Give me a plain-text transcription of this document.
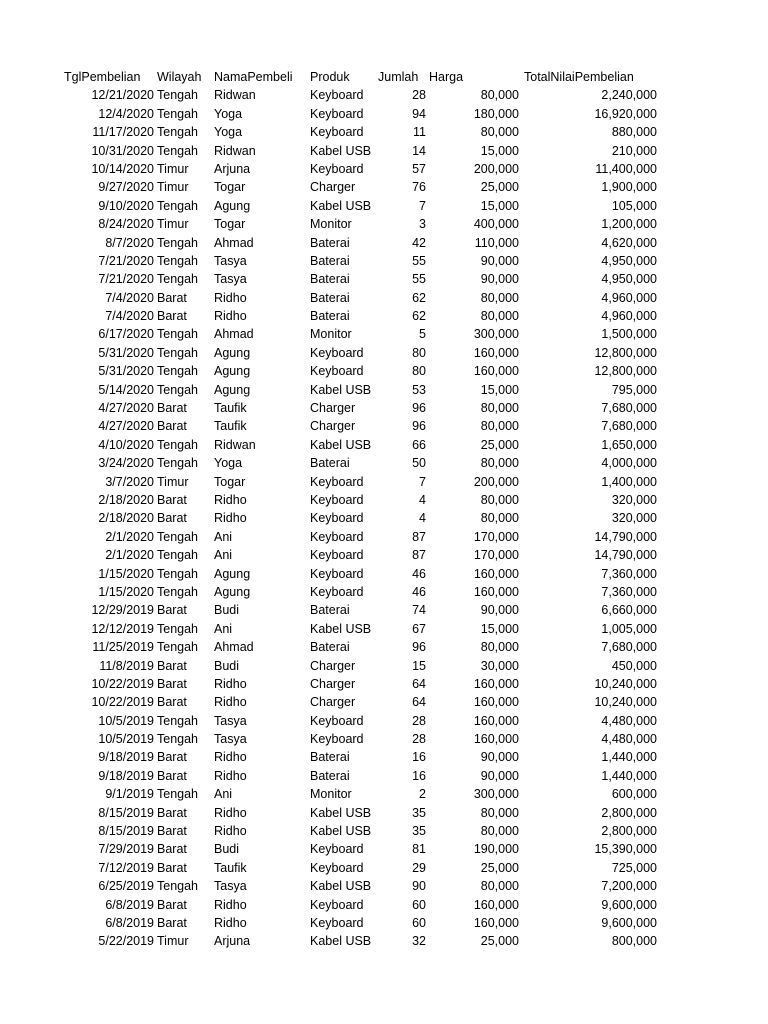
TglPembelian Wilayah NamaPembeli Produk Jumlah Harga	TotalNilaiPembelian
12/21/2020 Tengah Ridwan	Keyboard	28	80,000	2,240,000
12/4/2020 Tengah Yoga	Keyboard	94	180,000	16,920,000
11/17/2020 Tengah Yoga	Keyboard	11	80,000	880,000
10/31/2020 Tengah Ridwan	Kabel USB	14	15,000	210,000
10/14/2020 Timur Arjuna	Keyboard	57	200,000	11,400,000
9/27/2020 Timur Togar	Charger	76	25,000	1,900,000
9/10/2020 Tengah Agung	Kabel USB	7	15,000	105,000
8/24/2020 Timur Togar	Monitor	3	400,000	1,200,000
8/7/2020 Tengah Ahmad	Baterai	42	110,000	4,620,000
7/21/2020 Tengah Tasya	Baterai	55	90,000	4,950,000
7/21/2020 Tengah Tasya	Baterai	55	90,000	4,950,000
7/4/2020 Barat Ridho	Baterai	62	80,000	4,960,000
7/4/2020 Barat Ridho	Baterai	62	80,000	4,960,000
6/17/2020 Tengah Ahmad	Monitor	5	300,000	1,500,000
5/31/2020 Tengah Agung	Keyboard	80	160,000	12,800,000
5/31/2020 Tengah Agung	Keyboard	80	160,000	12,800,000
5/14/2020 Tengah Agung	Kabel USB	53	15,000	795,000
4/27/2020 Barat Taufik	Charger	96	80,000	7,680,000
4/27/2020 Barat Taufik	Charger	96	80,000	7,680,000
4/10/2020 Tengah Ridwan	Kabel USB	66	25,000	1,650,000
3/24/2020 Tengah Yoga	Baterai	50	80,000	4,000,000
3/7/2020 Timur Togar	Keyboard	7	200,000	1,400,000
2/18/2020 Barat Ridho	Keyboard	4	80,000	320,000
2/18/2020 Barat Ridho	Keyboard	4	80,000	320,000
2/1/2020 Tengah Ani	Keyboard	87	170,000	14,790,000
2/1/2020 Tengah Ani	Keyboard	87	170,000	14,790,000
1/15/2020 Tengah Agung	Keyboard	46	160,000	7,360,000
1/15/2020 Tengah Agung	Keyboard	46	160,000	7,360,000
12/29/2019 Barat Budi	Baterai	74	90,000	6,660,000
12/12/2019 Tengah Ani	Kabel USB	67	15,000	1,005,000
11/25/2019 Tengah Ahmad	Baterai	96	80,000	7,680,000
11/8/2019 Barat Budi	Charger	15	30,000	450,000
10/22/2019 Barat Ridho	Charger	64	160,000	10,240,000
10/22/2019 Barat Ridho	Charger	64	160,000	10,240,000
10/5/2019 Tengah Tasya	Keyboard	28	160,000	4,480,000
10/5/2019 Tengah Tasya	Keyboard	28	160,000	4,480,000
9/18/2019 Barat Ridho	Baterai	16	90,000	1,440,000
9/18/2019 Barat Ridho	Baterai	16	90,000	1,440,000
9/1/2019 Tengah Ani	Monitor	2	300,000	600,000
8/15/2019 Barat Ridho	Kabel USB	35	80,000	2,800,000
8/15/2019 Barat Ridho	Kabel USB	35	80,000	2,800,000
7/29/2019 Barat Budi	Keyboard	81	190,000	15,390,000
7/12/2019 Barat Taufik	Keyboard	29	25,000	725,000
6/25/2019 Tengah Tasya	Kabel USB	90	80,000	7,200,000
6/8/2019 Barat Ridho	Keyboard	60	160,000	9,600,000
6/8/2019 Barat Ridho	Keyboard	60	160,000	9,600,000
5/22/2019 Timur Arjuna	Kabel USB	32	25,000	800,000
